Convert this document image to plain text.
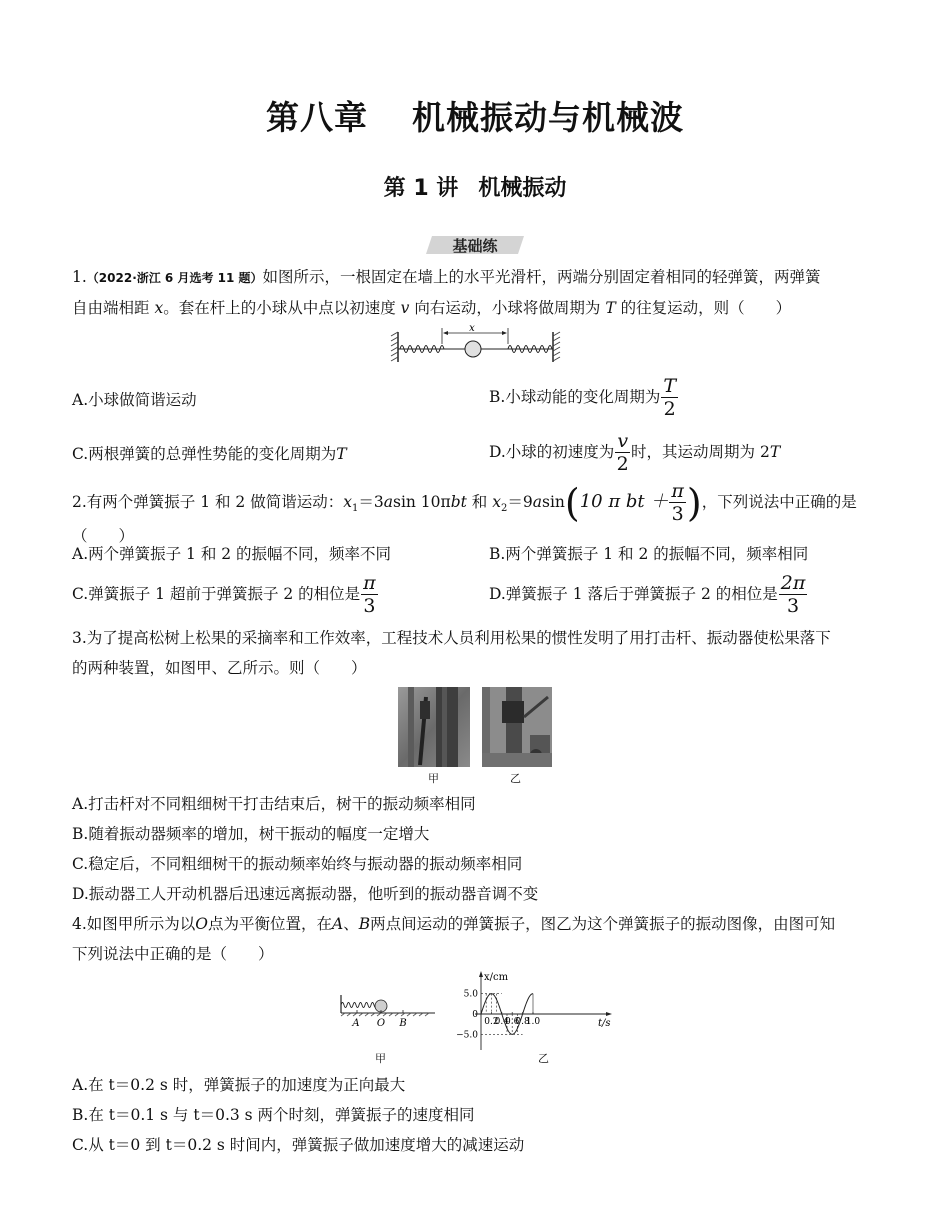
第八章 机械振动与机械波
第 1 讲 机械振动
基础练
1.（2022·浙江 6 月选考 11 题）如图所示，一根固定在墙上的水平光滑杆，两端分别固定着相同的轻弹簧，两弹簧
自由端相距 x。套在杆上的小球从中点以初速度 v 向右运动，小球将做周期为 T 的往复运动，则（　　）
x
A.小球做简谐运动	B.小球动能的变化周期为 $\frac{T}{2}$
C.两根弹簧的总弹性势能的变化周期为T	D.小球的初速度为 $\frac{v}{2}$ 时，其运动周期为 2T
2.有两个弹簧振子 1 和 2 做简谐运动：$x_1=3asin$ 10πbt 和 $x_2=9asin(10$ π bt ＋ $\frac{\pi}{3}$ )，下列说法中正确的是（　　）
A.两个弹簧振子 1 和 2 的振幅不同，频率不同	B.两个弹簧振子 1 和 2 的振幅不同，频率相同
C.弹簧振子 1 超前于弹簧振子 2 的相位是 $\frac{\pi}{3}$	D.弹簧振子 1 落后于弹簧振子 2 的相位是 $\frac{2\pi}{3}$
3.为了提高松树上松果的采摘率和工作效率，工程技术人员利用松果的惯性发明了用打击杆、振动器使松果落下
的两种装置，如图甲、乙所示。则（　　）
甲	乙
A.打击杆对不同粗细树干打击结束后，树干的振动频率相同
B.随着振动器频率的增加，树干振动的幅度一定增大
C.稳定后，不同粗细树干的振动频率始终与振动器的振动频率相同
D.振动器工人开动机器后迅速远离振动器，他听到的振动器音调不变
4.如图甲所示为以O点为平衡位置，在A、B两点间运动的弹簧振子，图乙为这个弹簧振子的振动图像，由图可知
下列说法中正确的是（　　）
A O B
甲
x/cm
t/s
0.2
0.4
0.6
0.8
1.0
5.0
0
−5.0
乙
A.在 t＝0.2 s 时，弹簧振子的加速度为正向最大
B.在 t＝0.1 s 与 t＝0.3 s 两个时刻，弹簧振子的速度相同
C.从 t＝0 到 t＝0.2 s 时间内，弹簧振子做加速度增大的减速运动
